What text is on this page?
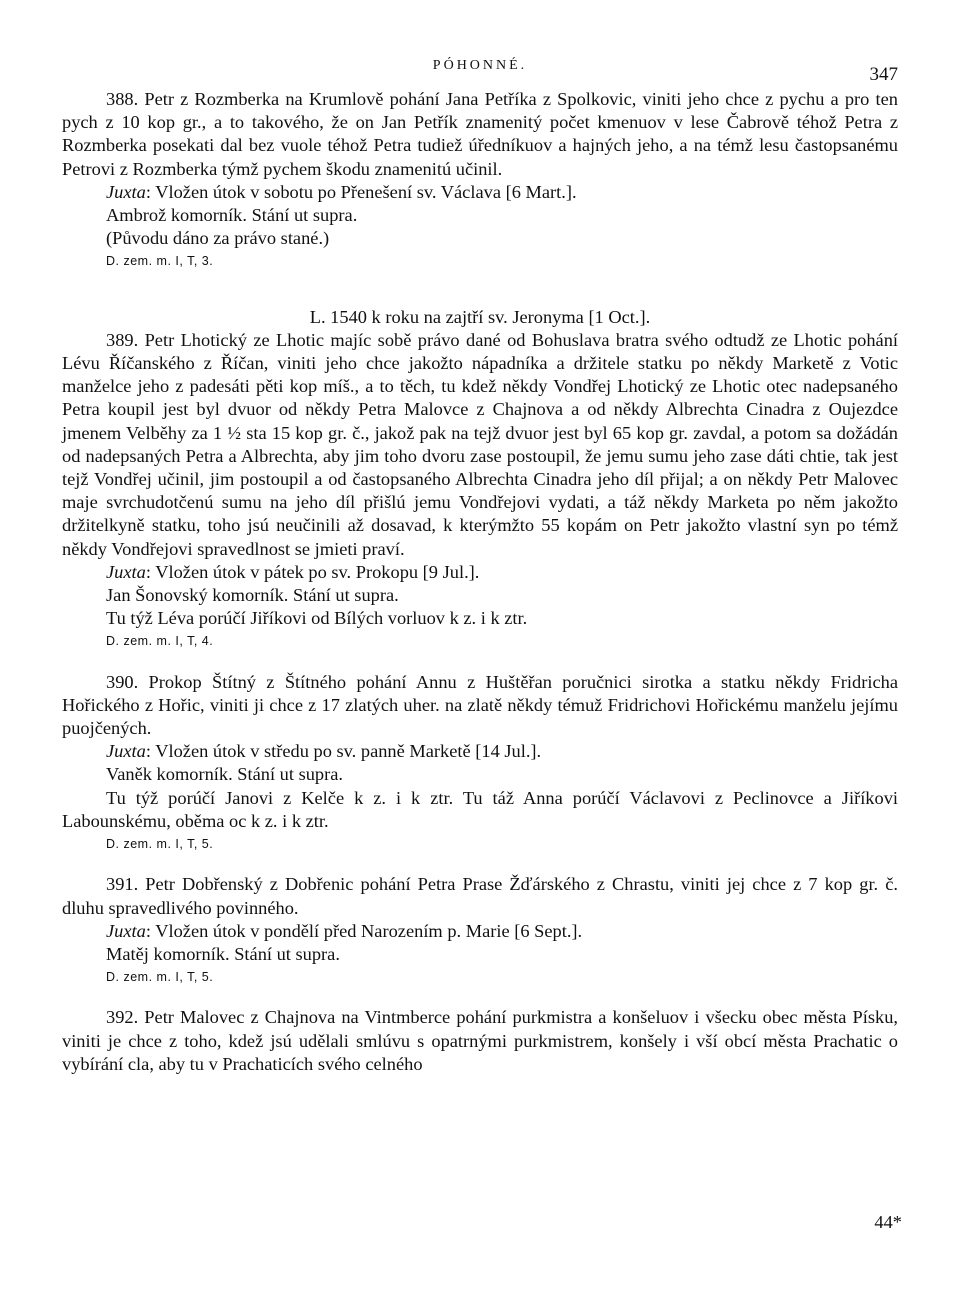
PÓHONNÉ.	347

388. Petr z Rozmberka na Krumlově pohání Jana Petříka z Spolkovic, viniti jeho chce z pychu a pro ten pych z 10 kop gr., a to takového, že on Jan Petřík znamenitý počet kmenuov v lese Čabrově téhož Petra z Rozmberka posekati dal bez vuole téhož Petra tudiež úředníkuov a hajných jeho, a na témž lesu častopsanému Petrovi z Rozmberka týmž pychem škodu znamenitú učinil.

Juxta: Vložen útok v sobotu po Přenešení sv. Václava [6 Mart.].

Ambrož komorník. Stání ut supra.

(Původu dáno za právo stané.)

D. zem. m. I, T, 3.

L. 1540 k roku na zajtří sv. Jeronyma [1 Oct.].

389. Petr Lhotický ze Lhotic majíc sobě právo dané od Bohuslava bratra svého odtudž ze Lhotic pohání Lévu Říčanského z Říčan, viniti jeho chce jakožto nápadníka a držitele statku po někdy Marketě z Votic manželce jeho z padesáti pěti kop míš., a to těch, tu kdež někdy Vondřej Lhotický ze Lhotic otec nadepsaného Petra koupil jest byl dvuor od někdy Petra Malovce z Chajnova a od někdy Albrechta Cinadra z Oujezdce jmenem Velběhy za 1 ½ sta 15 kop gr. č., jakož pak na tejž dvuor jest byl 65 kop gr. zavdal, a potom sa dožádán od nadepsaných Petra a Albrechta, aby jim toho dvoru zase postoupil, že jemu sumu jeho zase dáti chtie, tak jest tejž Vondřej učinil, jim postoupil a od častopsaného Albrechta Cinadra jeho díl přijal; a on někdy Petr Malovec maje svrchudotčenú sumu na jeho díl přišlú jemu Vondřejovi vydati, a táž někdy Marketa po něm jakožto držitelkyně statku, toho jsú neučinili až dosavad, k kterýmžto 55 kopám on Petr jakožto vlastní syn po témž někdy Vondřejovi spravedlnost se jmieti praví.

Juxta: Vložen útok v pátek po sv. Prokopu [9 Jul.].

Jan Šonovský komorník. Stání ut supra.

Tu týž Léva porúčí Jiříkovi od Bílých vorluov k z. i k ztr.

D. zem. m. I, T, 4.

390. Prokop Štítný z Štítného pohání Annu z Huštěřan poručnici sirotka a statku někdy Fridricha Hořického z Hořic, viniti ji chce z 17 zlatých uher. na zlatě někdy témuž Fridrichovi Hořickému manželu jejímu puojčených.

Juxta: Vložen útok v středu po sv. panně Marketě [14 Jul.].

Vaněk komorník. Stání ut supra.

Tu týž porúčí Janovi z Kelče k z. i k ztr. Tu táž Anna porúčí Václavovi z Peclinovce a Jiříkovi Labounskému, oběma oc k z. i k ztr.

D. zem. m. I, T, 5.

391. Petr Dobřenský z Dobřenic pohání Petra Prase Žďárského z Chrastu, viniti jej chce z 7 kop gr. č. dluhu spravedlivého povinného.

Juxta: Vložen útok v pondělí před Narozením p. Marie [6 Sept.].

Matěj komorník. Stání ut supra.

D. zem. m. I, T, 5.

392. Petr Malovec z Chajnova na Vintmberce pohání purkmistra a konšeluov i všecku obec města Písku, viniti je chce z toho, kdež jsú udělali smlúvu s opatrnými purkmistrem, konšely i vší obcí města Prachatic o vybírání cla, aby tu v Prachaticích svého celného

44*
